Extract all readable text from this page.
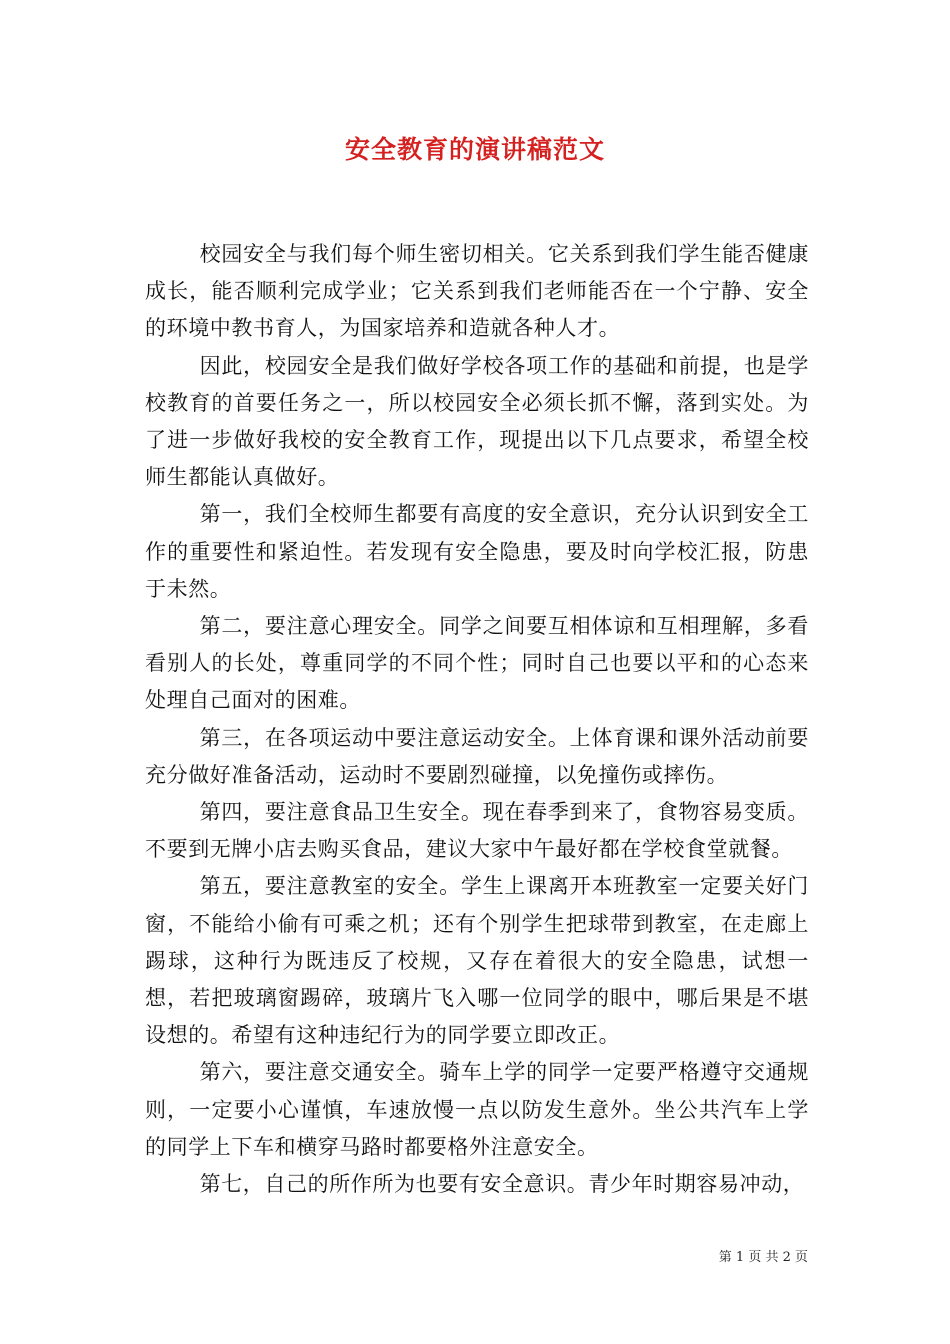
安全教育的演讲稿范文

校园安全与我们每个师生密切相关。它关系到我们学生能否健康成长，能否顺利完成学业；它关系到我们老师能否在一个宁静、安全的环境中教书育人，为国家培养和造就各种人才。

因此，校园安全是我们做好学校各项工作的基础和前提，也是学校教育的首要任务之一，所以校园安全必须长抓不懈，落到实处。为了进一步做好我校的安全教育工作，现提出以下几点要求，希望全校师生都能认真做好。

第一，我们全校师生都要有高度的安全意识，充分认识到安全工作的重要性和紧迫性。若发现有安全隐患，要及时向学校汇报，防患于未然。

第二，要注意心理安全。同学之间要互相体谅和互相理解，多看看别人的长处，尊重同学的不同个性；同时自己也要以平和的心态来处理自己面对的困难。

第三，在各项运动中要注意运动安全。上体育课和课外活动前要充分做好准备活动，运动时不要剧烈碰撞，以免撞伤或摔伤。

第四，要注意食品卫生安全。现在春季到来了，食物容易变质。不要到无牌小店去购买食品，建议大家中午最好都在学校食堂就餐。

第五，要注意教室的安全。学生上课离开本班教室一定要关好门窗，不能给小偷有可乘之机；还有个别学生把球带到教室，在走廊上踢球，这种行为既违反了校规，又存在着很大的安全隐患，试想一想，若把玻璃窗踢碎，玻璃片飞入哪一位同学的眼中，哪后果是不堪设想的。希望有这种违纪行为的同学要立即改正。

第六，要注意交通安全。骑车上学的同学一定要严格遵守交通规则，一定要小心谨慎，车速放慢一点以防发生意外。坐公共汽车上学的同学上下车和横穿马路时都要格外注意安全。

第七，自己的所作所为也要有安全意识。青少年时期容易冲动，

第 1 页 共 2 页
